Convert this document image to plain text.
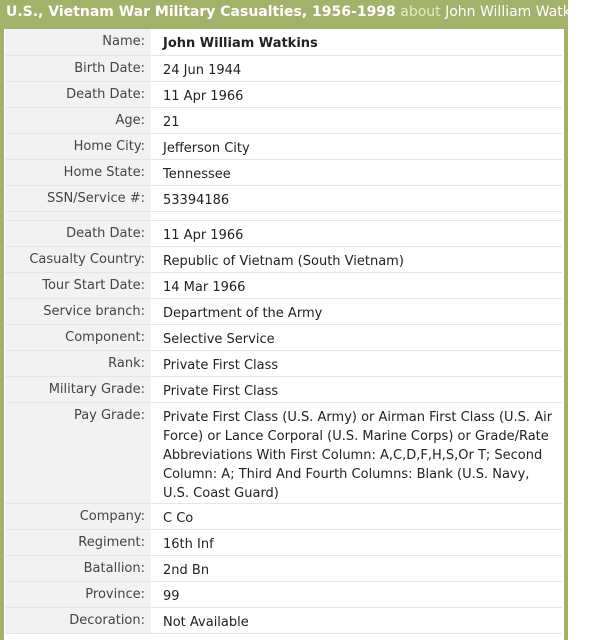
U.S., Vietnam War Military Casualties, 1956-1998 about John William Watkins
Name:	John William Watkins
Birth Date:	24 Jun 1944
Death Date:	11 Apr 1966
Age:	21
Home City:	Jefferson City
Home State:	Tennessee
SSN/Service #:	53394186

Death Date:	11 Apr 1966
Casualty Country:	Republic of Vietnam (South Vietnam)
Tour Start Date:	14 Mar 1966
Service branch:	Department of the Army
Component:	Selective Service
Rank:	Private First Class
Military Grade:	Private First Class
Pay Grade:	Private First Class (U.S. Army) or Airman First Class (U.S. Air Force) or Lance Corporal (U.S. Marine Corps) or Grade/Rate Abbreviations With First Column: A,C,D,F,H,S,Or T; Second Column: A; Third And Fourth Columns: Blank (U.S. Navy, U.S. Coast Guard)
Company:	C Co
Regiment:	16th Inf
Batallion:	2nd Bn
Province:	99
Decoration:	Not Available
